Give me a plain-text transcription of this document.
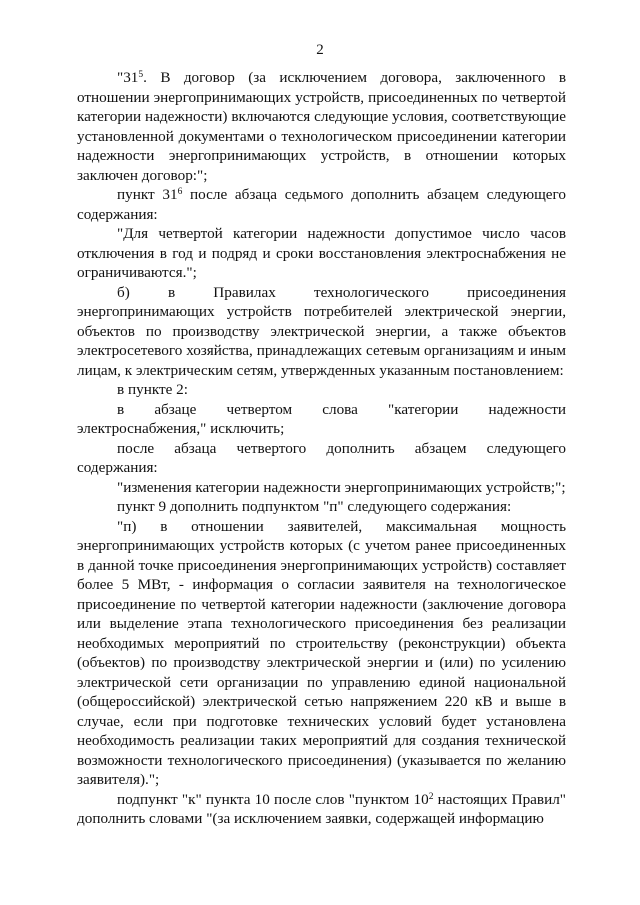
2

"$31^5$. В договор (за исключением договора, заключенного в отношении энергопринимающих устройств, присоединенных по четвертой категории надежности) включаются следующие условия, соответствующие установленной документами о технологическом присоединении категории надежности энергопринимающих устройств, в отношении которых заключен договор:";

пункт $31^6$ после абзаца седьмого дополнить абзацем следующего содержания:

"Для четвертой категории надежности допустимое число часов отключения в год и подряд и сроки восстановления электроснабжения не ограничиваются.";

б) в Правилах технологического присоединения энергопринимающих устройств потребителей электрической энергии, объектов по производству электрической энергии, а также объектов электросетевого хозяйства, принадлежащих сетевым организациям и иным лицам, к электрическим сетям, утвержденных указанным постановлением:

в пункте 2:

в абзаце четвертом слова "категории надежности электроснабжения," исключить;

после абзаца четвертого дополнить абзацем следующего содержания:

"изменения категории надежности энергопринимающих устройств;";

пункт 9 дополнить подпунктом "п" следующего содержания:

"п) в отношении заявителей, максимальная мощность энергопринимающих устройств которых (с учетом ранее присоединенных в данной точке присоединения энергопринимающих устройств) составляет более 5 МВт, - информация о согласии заявителя на технологическое присоединение по четвертой категории надежности (заключение договора или выделение этапа технологического присоединения без реализации необходимых мероприятий по строительству (реконструкции) объекта (объектов) по производству электрической энергии и (или) по усилению электрической сети организации по управлению единой национальной (общероссийской) электрической сетью напряжением 220 кВ и выше в случае, если при подготовке технических условий будет установлена необходимость реализации таких мероприятий для создания технической возможности технологического присоединения) (указывается по желанию заявителя).";

подпункт "к" пункта 10 после слов "пунктом $10^2$ настоящих Правил" дополнить словами "(за исключением заявки, содержащей информацию
